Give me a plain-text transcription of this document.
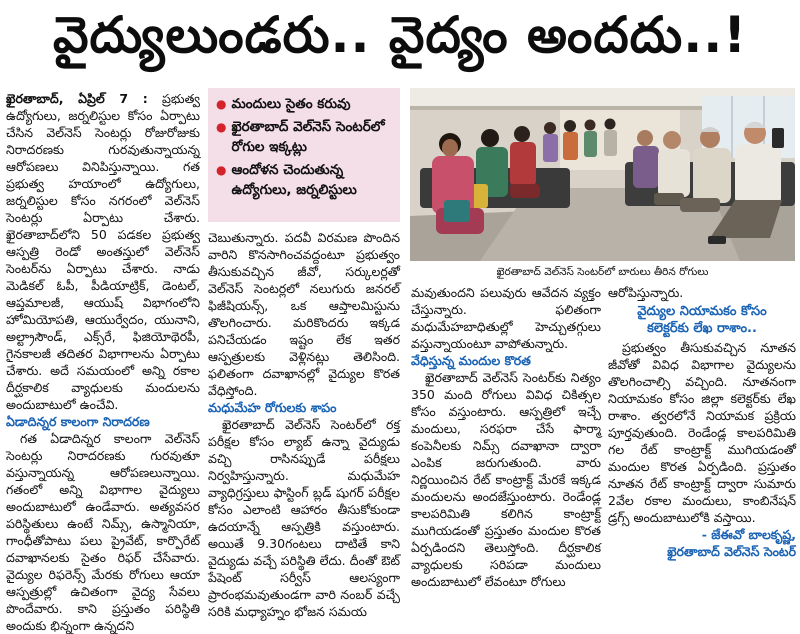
వైద్యులుండరు.. వైద్యం అందదు..!
● మందులు సైతం కరువు
● ఖైరతాబాద్ వెల్‌నెస్ సెంటర్‌లో రోగుల ఇక్కట్లు
● ఆందోళన చెందుతున్న ఉద్యోగులు, జర్నలిస్టులు
ఖైరతాబాద్ వెల్‌నెస్ సెంటర్‌లో బారులు తీరిన రోగులు

ఖైరతాబాద్, ఏప్రిల్ 7 : ప్రభుత్వ ఉద్యోగులు, జర్నలిస్టుల కోసం ఏర్పాటు చేసిన వెల్‌నెస్ సెంటర్లు రోజురోజుకు నిరాదరణకు గురవుతున్నాయన్న ఆరోపణలు వినిపిస్తున్నాయి. గత ప్రభుత్వ హయాంలో ఉద్యోగులు, జర్నలిస్టుల కోసం నగరంలో వెల్‌నెస్ సెంటర్లు ఏర్పాటు చేశారు. ఖైరతాబాద్‌లోని 50 పడకల ప్రభుత్వ ఆస్పత్రి రెండో అంతస్తులో వెల్‌నెస్ సెంటర్‌ను ఏర్పాటు చేశారు. నాడు మెడికల్ ఓపీ, పీడియాట్రిక్, డెంటల్, ఆప్తమాలజీ, ఆయుష్ విభాగంలోని హోమియోపతి, ఆయుర్వేదం, యునాని, అల్ట్రాసౌండ్, ఎక్స్‌రే, ఫిజియోథెరపీ, గైనకాలజీ తదితర విభాగాలను ఏర్పాటు చేశారు. అదే సమయంలో అన్ని రకాల దీర్ఘకాలిక వ్యాధులకు మందులను అందుబాటులో ఉంచేవి.

ఏడాదిన్నర కాలంగా నిరాదరణ

గత ఏడాదిన్నర కాలంగా వెల్‌నెస్ సెంటర్లు నిరాదరణకు గురవుతూ వస్తున్నాయన్న ఆరోపణలున్నాయి. గతంలో అన్ని విభాగాల వైద్యులు అందుబాటులో ఉండేవారు. అత్యవసర పరిస్థితులు ఉంటే నిమ్స్, ఉస్మానియా, గాంధీతోపాటు పలు ప్రైవేట్, కార్పొరేట్ దవాఖానలకు సైతం రిఫర్ చేసేవారు. వైద్యుల రిఫరెన్స్ మేరకు రోగులు ఆయా ఆస్పత్రుల్లో ఉచితంగా వైద్య సేవలు పొందేవారు. కాని ప్రస్తుతం పరిస్థితి అందుకు భిన్నంగా ఉన్నదని

చెబుతున్నారు. పదవీ విరమణ పొందిన వారిని కొనసాగించవద్దంటూ ప్రభుత్వం తీసుకువచ్చిన జీవో, సర్కులర్లతో వెల్‌నెస్ సెంటర్లలో నలుగురు జనరల్ ఫిజీషియన్స్, ఒక ఆప్తాలమిస్టును తొలగించారు. మరికొందరు ఇక్కడ పనిచేయడం ఇష్టం లేక ఇతర ఆస్పత్రులకు వెళ్లినట్లు తెలిసింది. ఫలితంగా దవాఖానల్లో వైద్యుల కొరత వేధిస్తోంది.

మధుమేహ రోగులకు శాపం

ఖైరతాబాద్ వెల్‌నెస్ సెంటర్‌లో రక్త పరీక్షల కోసం ల్యాబ్ ఉన్నా వైద్యుడు వచ్చి రాసినప్పుడే పరీక్షలు నిర్వహిస్తున్నారు. మధుమేహ వ్యాధిగ్రస్తులు ఫాస్టింగ్ బ్లడ్ షుగర్ పరీక్షల కోసం ఎలాంటి ఆహారం తీసుకోకుండా ఉదయాన్నే ఆస్పత్రికి వస్తుంటారు. అయితే 9.30గంటలు దాటితే కాని వైద్యుడు వచ్చే పరిస్థితి లేదు. దీంతో ఔట్ పేషెంట్ సర్వీస్ ఆలస్యంగా ప్రారంభమవుతుండగా వారి నంబర్ వచ్చే సరికి మధ్యాహ్నం భోజన సమయ

మవుతుందని పలువురు ఆవేదన వ్యక్తం చేస్తున్నారు. ఫలితంగా మధుమేహబాధితుల్లో హెచ్చుతగ్గులు వస్తున్నాయంటూ వాపోతున్నారు.

వేధిస్తున్న మందుల కొరత

ఖైరతాబాద్ వెల్‌నెస్ సెంటర్‌కు నిత్యం 350 మంది రోగులు వివిధ చికిత్సల కోసం వస్తుంటారు. ఆస్పత్రిలో ఇచ్చే మందులు, సరఫరా చేసే ఫార్మా కంపెనీలకు నిమ్స్ దవాఖానా ద్వారా ఎంపిక జరుగుతుంది. వారు నిర్ణయించిన రేట్ కాంట్రాక్ట్ మేరకే ఇక్కడ మందులను అందజేస్తుంటారు. రెండేండ్ల కాలపరిమితి కలిగిన కాంట్రాక్ట్ ముగియడంతో ప్రస్తుతం మందుల కొరత ఏర్పడిందని తెలుస్తోంది. దీర్ఘకాలిక వ్యాధులకు సరిపడా మందులు అందుబాటులో లేవంటూ రోగులు

ఆరోపిస్తున్నారు.

వైద్యుల నియామకం కోసం
కలెక్టర్‌కు లేఖ రాశాం..

ప్రభుత్వం తీసుకువచ్చిన నూతన జీవోతో వివిధ విభాగాల వైద్యులను తొలగించాల్సి వచ్చింది. నూతనంగా నియామకం కోసం జిల్లా కలెక్టర్‌కు లేఖ రాశాం. త్వరలోనే నియామక ప్రక్రియ పూర్తవుతుంది. రెండేండ్ల కాలపరిమితి గల రేట్ కాంట్రాక్ట్ ముగియడంతో మందుల కొరత ఏర్పడింది. ప్రస్తుతం నూతన రేట్ కాంట్రాక్ట్ ద్వారా సుమారు 2వేల రకాల మందులు, కాంబినేషన్ డ్రగ్స్ అందుబాటులోకి వస్తాయి.

- జేఈవో బాలకృష్ణ,
ఖైరతాబాద్ వెల్‌నెస్ సెంటర్
